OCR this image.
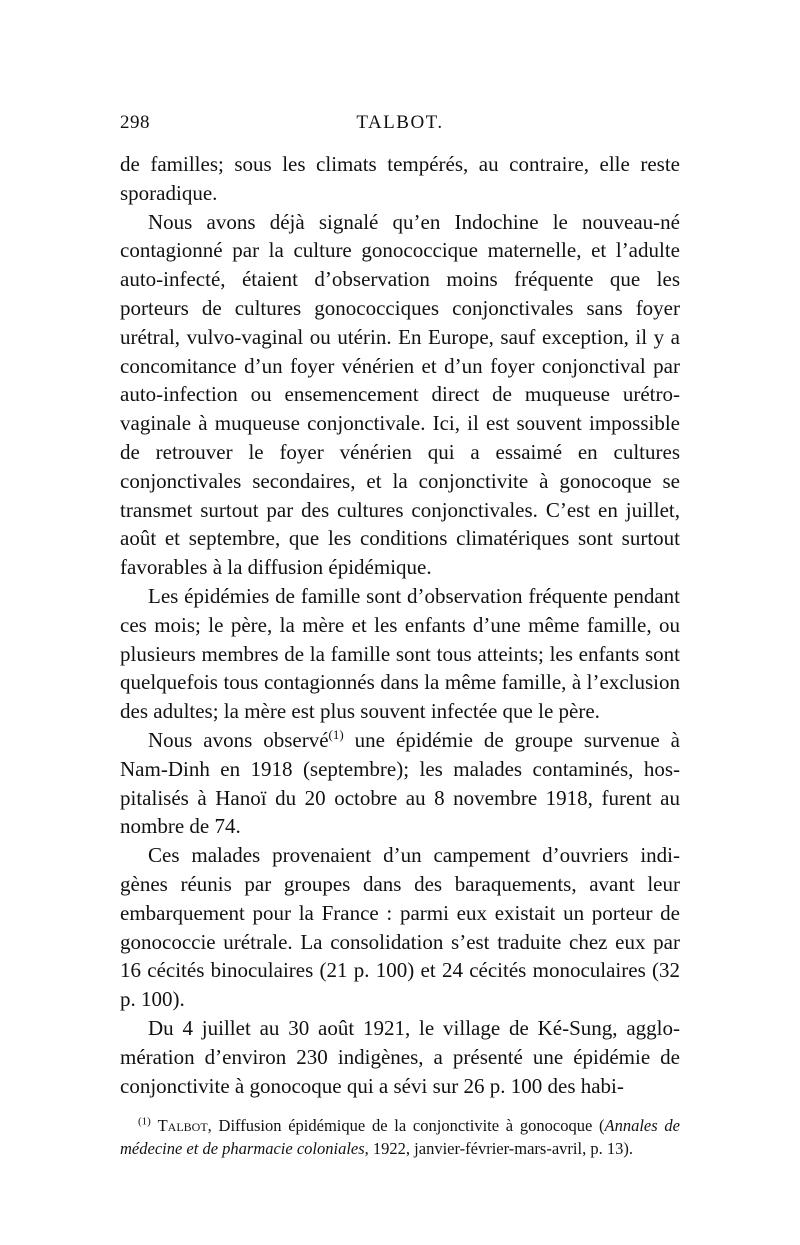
298	TALBOT.

de familles; sous les climats tempérés, au contraire, elle reste sporadique.

Nous avons déjà signalé qu’en Indochine le nouveau-né contagionné par la culture gonococcique maternelle, et l’adulte auto-infecté, étaient d’observation moins fréquente que les porteurs de cultures gonococciques conjonctivales sans foyer urétral, vulvo-vaginal ou utérin. En Europe, sauf exception, il y a concomitance d’un foyer vénérien et d’un foyer conjonctival par auto-infection ou ensemencement direct de muqueuse urétro-vaginale à muqueuse conjonctivale. Ici, il est souvent impossible de retrouver le foyer vénérien qui a essaimé en cultures conjonctivales secondaires, et la conjonctivite à gonocoque se transmet surtout par des cultures conjonctivales. C’est en juillet, août et septembre, que les conditions climatériques sont surtout favorables à la diffusion épidémique.

Les épidémies de famille sont d’observation fréquente pendant ces mois; le père, la mère et les enfants d’une même famille, ou plusieurs membres de la famille sont tous atteints; les enfants sont quelquefois tous contagionnés dans la même famille, à l’exclusion des adultes; la mère est plus souvent infectée que le père.

Nous avons observé$^{(1)}$ une épidémie de groupe survenue à Nam-Dinh en 1918 (septembre); les malades contaminés, hospitalisés à Hanoï du 20 octobre au 8 novembre 1918, furent au nombre de 74.

Ces malades provenaient d’un campement d’ouvriers indigènes réunis par groupes dans des baraquements, avant leur embarquement pour la France : parmi eux existait un porteur de gonococcie urétrale. La consolidation s’est traduite chez eux par 16 cécités binoculaires (21 p. 100) et 24 cécités monoculaires (32 p. 100).

Du 4 juillet au 30 août 1921, le village de Ké-Sung, agglomération d’environ 230 indigènes, a présenté une épidémie de conjonctivite à gonocoque qui a sévi sur 26 p. 100 des habi-

$^{(1)}$ Talbot, Diffusion épidémique de la conjonctivite à gonocoque (Annales de médecine et de pharmacie coloniales, 1922, janvier-février-mars-avril, p. 13).
